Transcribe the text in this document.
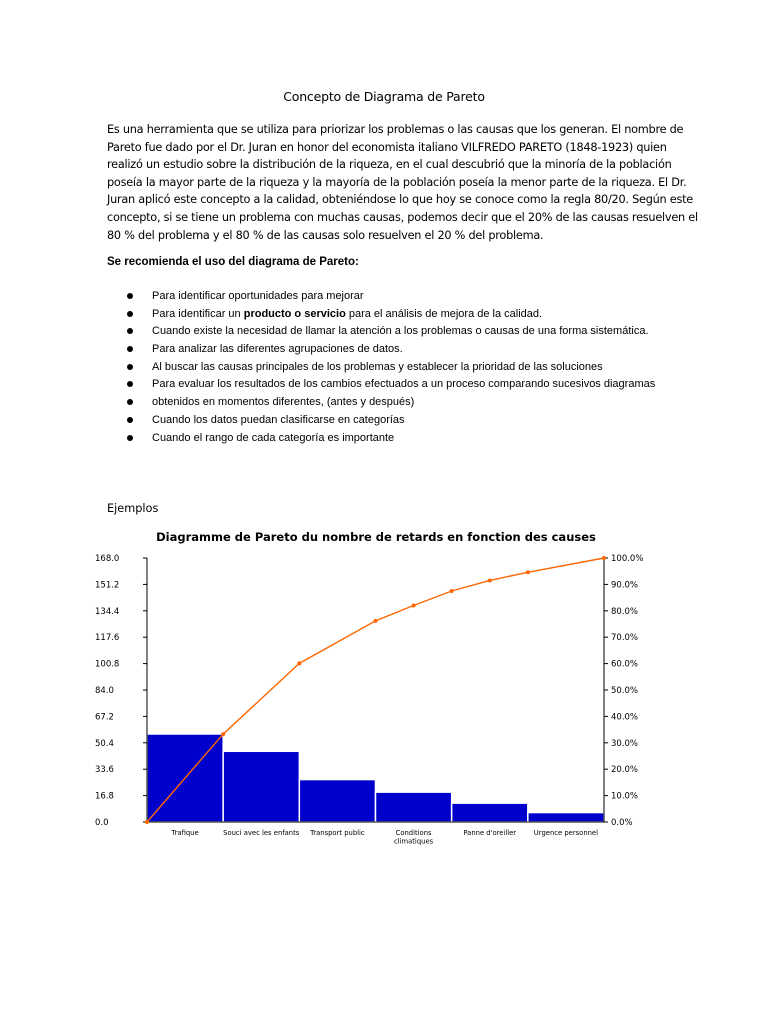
Concepto de Diagrama de Pareto
Es una herramienta que se utiliza para priorizar los problemas o las causas que los generan. El nombre de
Pareto fue dado por el Dr. Juran en honor del economista italiano VILFREDO PARETO (1848-1923) quien
realizó un estudio sobre la distribución de la riqueza, en el cual descubrió que la minoría de la población
poseía la mayor parte de la riqueza y la mayoría de la población poseía la menor parte de la riqueza. El Dr.
Juran aplicó este concepto a la calidad, obteniéndose lo que hoy se conoce como la regla 80/20. Según este
concepto, si se tiene un problema con muchas causas, podemos decir que el 20% de las causas resuelven el
80 % del problema y el 80 % de las causas solo resuelven el 20 % del problema.
Se recomienda el uso del diagrama de Pareto:
Para identificar oportunidades para mejorar
Para identificar un producto o servicio para el análisis de mejora de la calidad.
Cuando existe la necesidad de llamar la atención a los problemas o causas de una forma sistemática.
Para analizar las diferentes agrupaciones de datos.
Al buscar las causas principales de los problemas y establecer la prioridad de las soluciones
Para evaluar los resultados de los cambios efectuados a un proceso comparando sucesivos diagramas
obtenidos en momentos diferentes, (antes y después)
Cuando los datos puedan clasificarse en categorías
Cuando el rango de cada categoría es importante
Ejemplos
Diagramme de Pareto du nombre de retards en fonction des causes
0.0
16.8
33.6
50.4
67.2
84.0
100.8
117.6
134.4
151.2
168.0
0.0%
10.0%
20.0%
30.0%
40.0%
50.0%
60.0%
70.0%
80.0%
90.0%
100.0%
Trafique	Souci avec les enfants Transport public	Conditions
climatiques
Panne d'oreiller	Urgence personnel
